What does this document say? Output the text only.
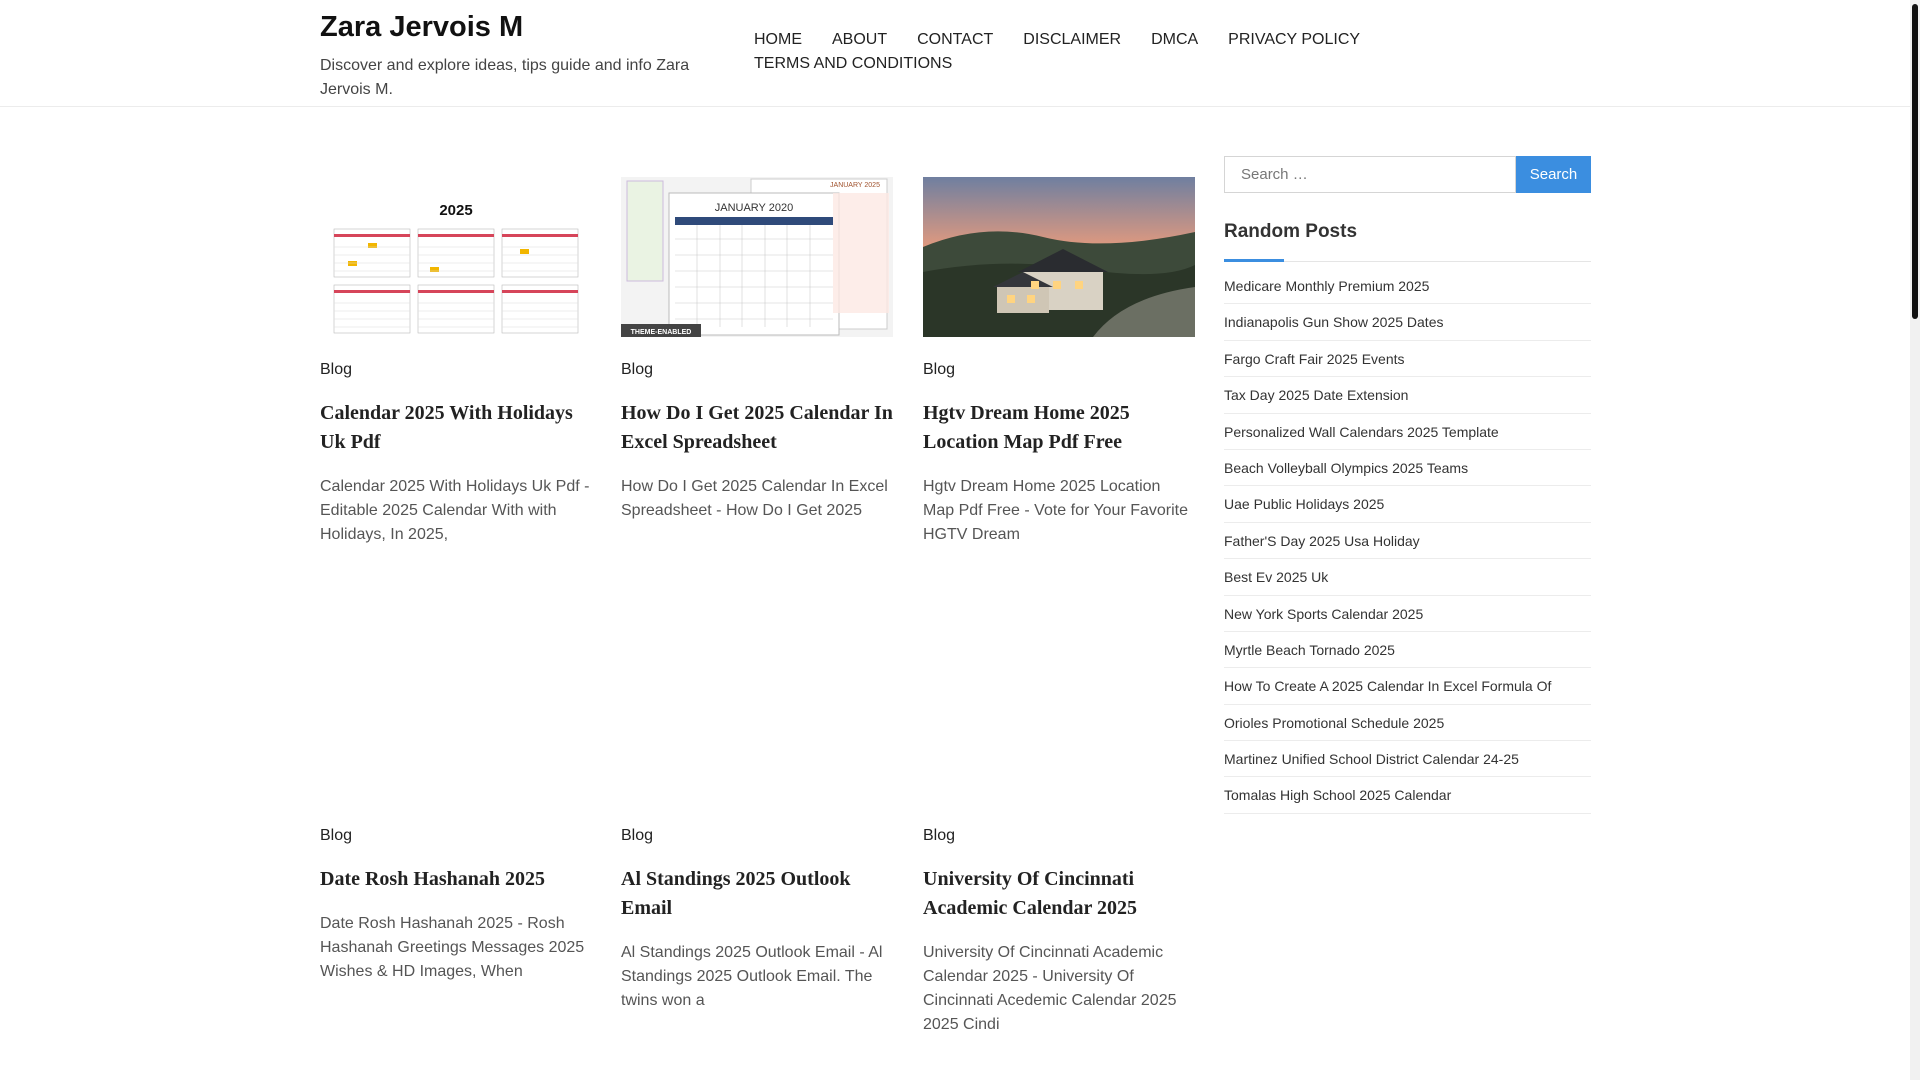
Zara Jervois M
Discover and explore ideas, tips guide and info Zara Jervois M.
HOME ABOUT CONTACT DISCLAIMER DMCA PRIVACY POLICY
TERMS AND CONDITIONS
2025
Blog
Calendar 2025 With Holidays Uk Pdf

Calendar 2025 With Holidays Uk Pdf - Editable 2025 Calendar With with Holidays, In 2025,

JANUARY 2025
JANUARY 2020
THEME-ENABLED
Blog
How Do I Get 2025 Calendar In Excel Spreadsheet

How Do I Get 2025 Calendar In Excel Spreadsheet - How Do I Get 2025

Blog
Hgtv Dream Home 2025 Location Map Pdf Free

Hgtv Dream Home 2025 Location Map Pdf Free - Vote for Your Favorite HGTV Dream

Blog
Date Rosh Hashanah 2025

Date Rosh Hashanah 2025 - Rosh Hashanah Greetings Messages 2025 Wishes & HD Images, When

Blog
Al Standings 2025 Outlook Email

Al Standings 2025 Outlook Email - Al Standings 2025 Outlook Email. The twins won a

Blog
University Of Cincinnati Academic Calendar 2025

University Of Cincinnati Academic Calendar 2025 - University Of Cincinnati Acedemic Calendar 2025 2025 Cindi

Search …
Search
Random Posts
Medicare Monthly Premium 2025
Indianapolis Gun Show 2025 Dates
Fargo Craft Fair 2025 Events
Tax Day 2025 Date Extension
Personalized Wall Calendars 2025 Template
Beach Volleyball Olympics 2025 Teams
Uae Public Holidays 2025
Father'S Day 2025 Usa Holiday
Best Ev 2025 Uk
New York Sports Calendar 2025
Myrtle Beach Tornado 2025
How To Create A 2025 Calendar In Excel Formula Of
Orioles Promotional Schedule 2025
Martinez Unified School District Calendar 24-25
Tomalas High School 2025 Calendar
